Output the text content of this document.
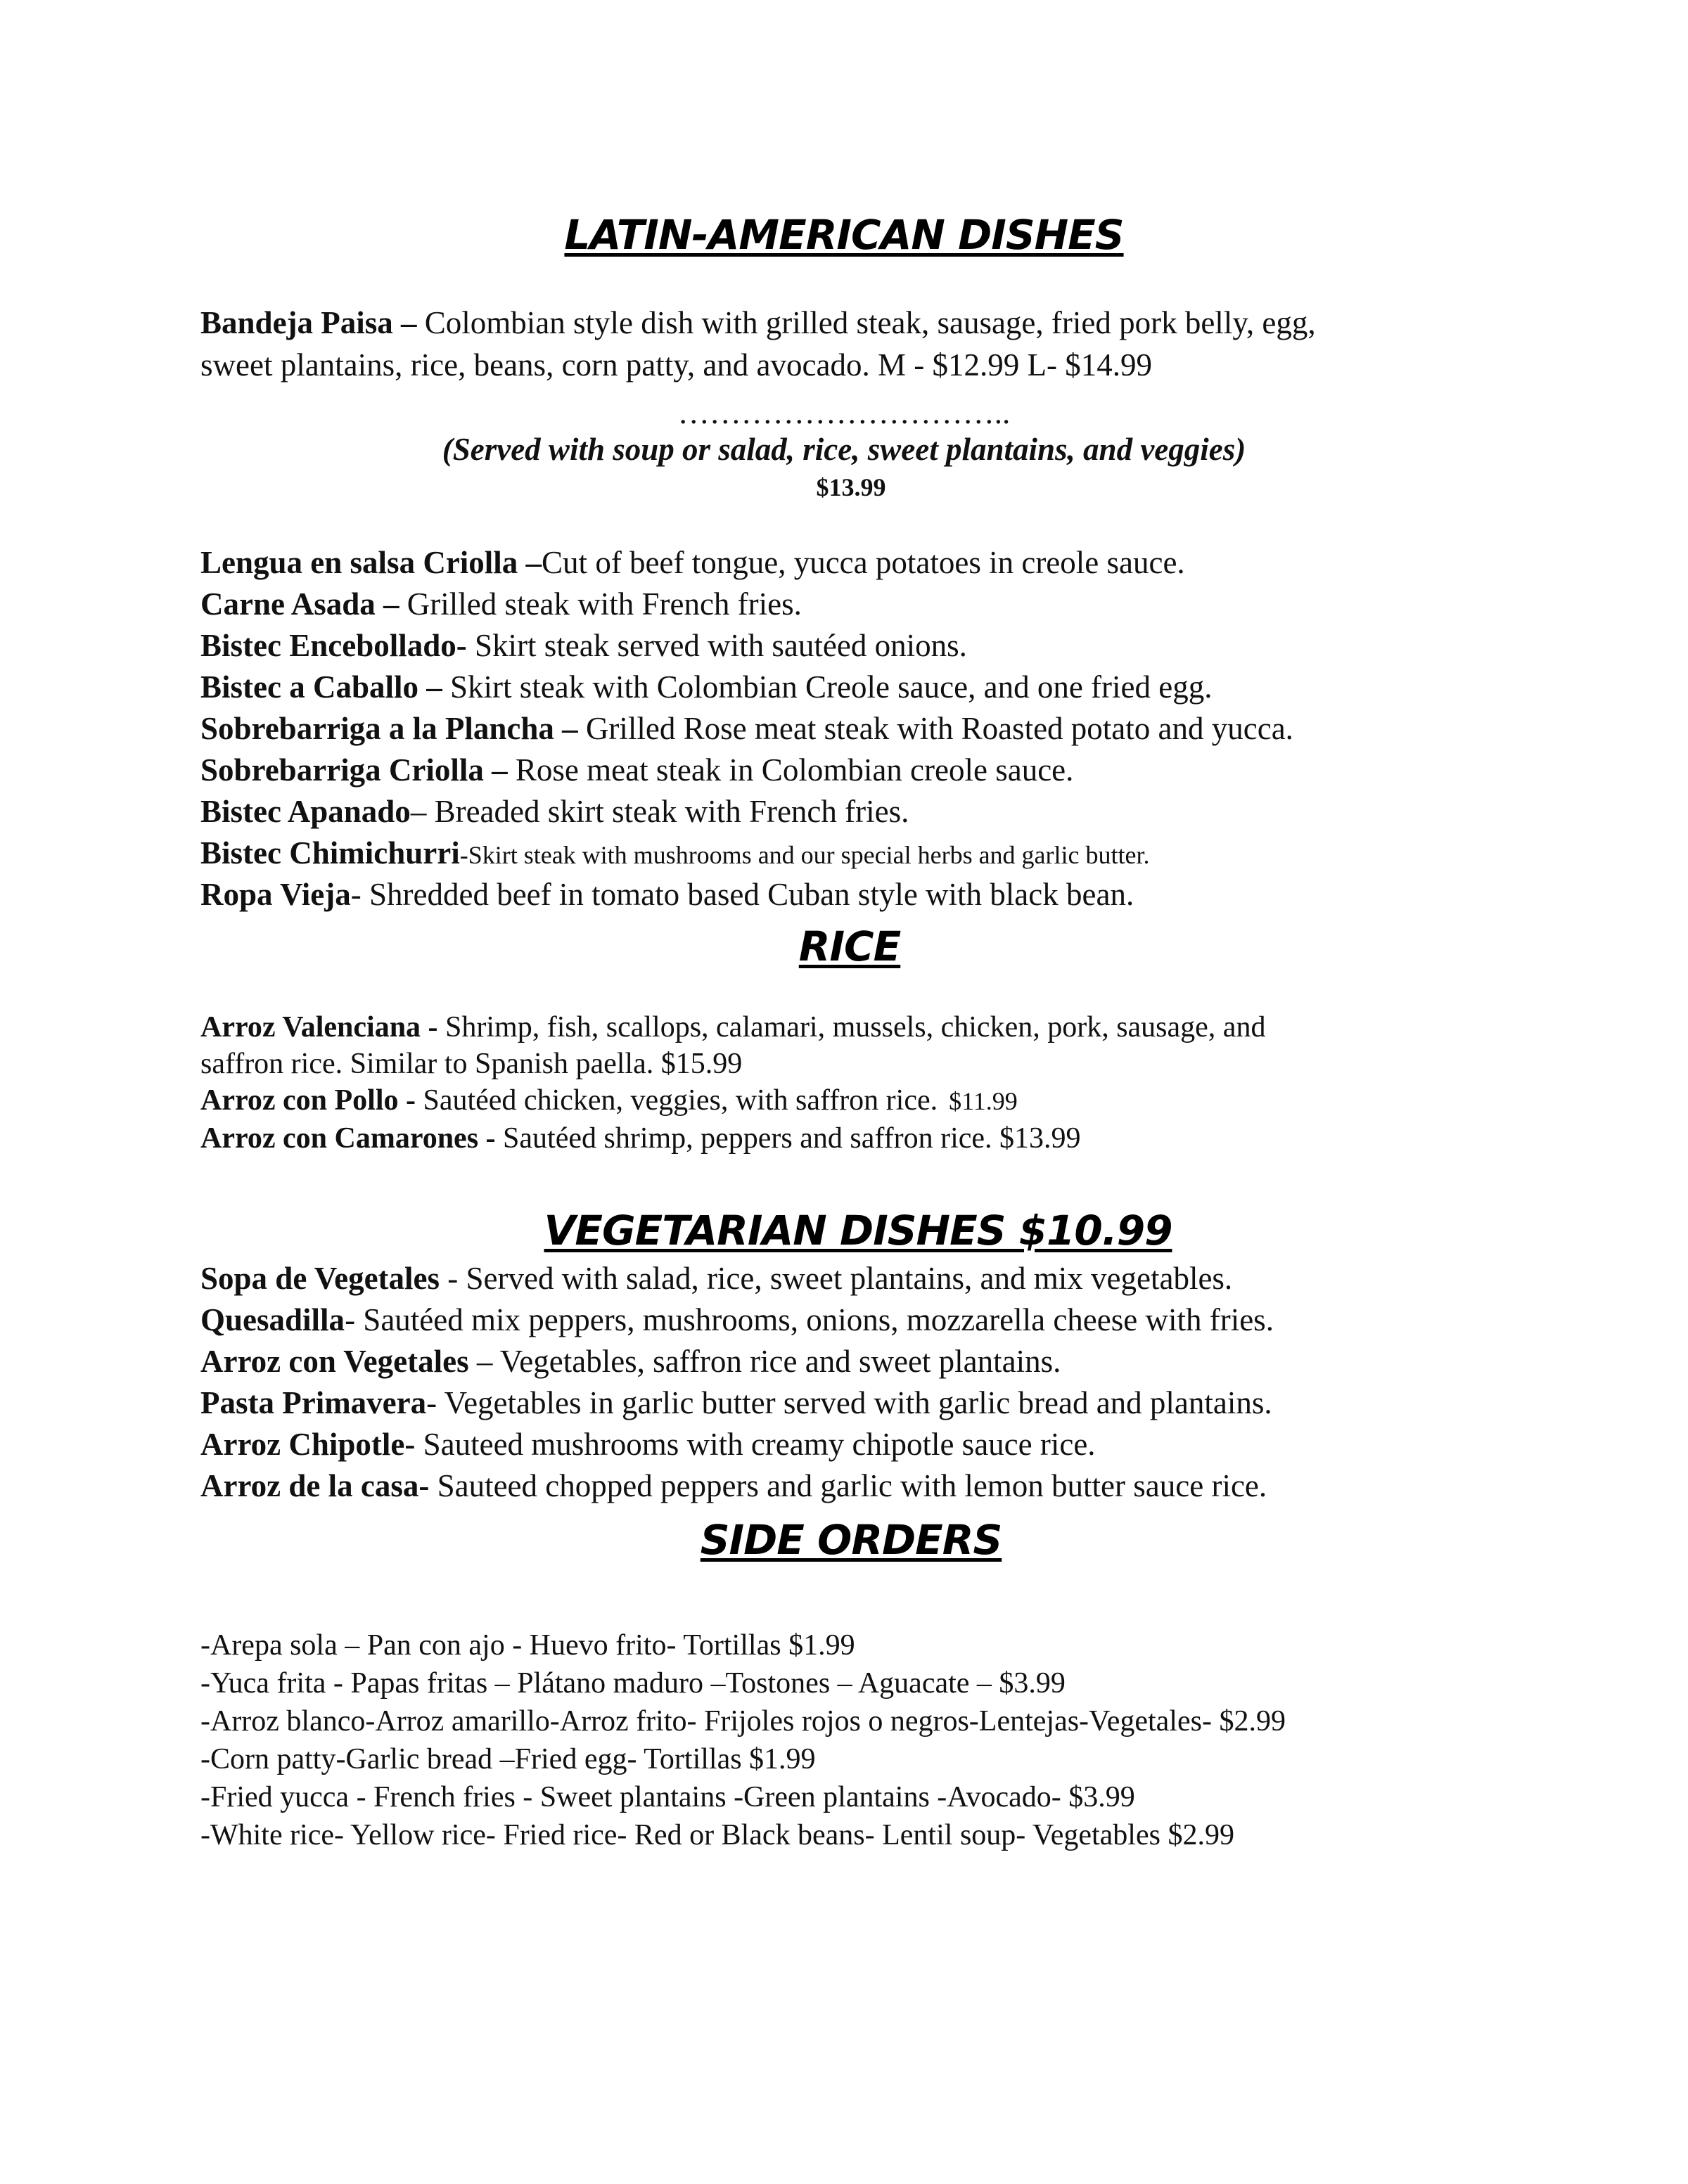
LATIN-AMERICAN DISHES
Bandeja Paisa – Colombian style dish with grilled steak, sausage, fried pork belly, egg,
sweet plantains, rice, beans, corn patty, and avocado. M - $12.99 L- $14.99
…………………………..
(Served with soup or salad, rice, sweet plantains, and veggies)
$13.99
Lengua en salsa Criolla –Cut of beef tongue, yucca potatoes in creole sauce.
Carne Asada – Grilled steak with French fries.
Bistec Encebollado- Skirt steak served with sautéed onions.
Bistec a Caballo – Skirt steak with Colombian Creole sauce, and one fried egg.
Sobrebarriga a la Plancha – Grilled Rose meat steak with Roasted potato and yucca.
Sobrebarriga Criolla – Rose meat steak in Colombian creole sauce.
Bistec Apanado– Breaded skirt steak with French fries.
Bistec Chimichurri-Skirt steak with mushrooms and our special herbs and garlic butter.
Ropa Vieja- Shredded beef in tomato based Cuban style with black bean.
RICE
Arroz Valenciana - Shrimp, fish, scallops, calamari, mussels, chicken, pork, sausage, and
saffron rice. Similar to Spanish paella. $15.99
Arroz con Pollo - Sautéed chicken, veggies, with saffron rice. $11.99
Arroz con Camarones - Sautéed shrimp, peppers and saffron rice. $13.99
VEGETARIAN DISHES $10.99
Sopa de Vegetales - Served with salad, rice, sweet plantains, and mix vegetables.
Quesadilla- Sautéed mix peppers, mushrooms, onions, mozzarella cheese with fries.
Arroz con Vegetales – Vegetables, saffron rice and sweet plantains.
Pasta Primavera- Vegetables in garlic butter served with garlic bread and plantains.
Arroz Chipotle- Sauteed mushrooms with creamy chipotle sauce rice.
Arroz de la casa- Sauteed chopped peppers and garlic with lemon butter sauce rice.
SIDE ORDERS
-Arepa sola – Pan con ajo - Huevo frito- Tortillas $1.99
-Yuca frita - Papas fritas – Plátano maduro –Tostones – Aguacate – $3.99
-Arroz blanco-Arroz amarillo-Arroz frito- Frijoles rojos o negros-Lentejas-Vegetales- $2.99
-Corn patty-Garlic bread –Fried egg- Tortillas $1.99
-Fried yucca - French fries - Sweet plantains -Green plantains -Avocado- $3.99
-White rice- Yellow rice- Fried rice- Red or Black beans- Lentil soup- Vegetables $2.99
